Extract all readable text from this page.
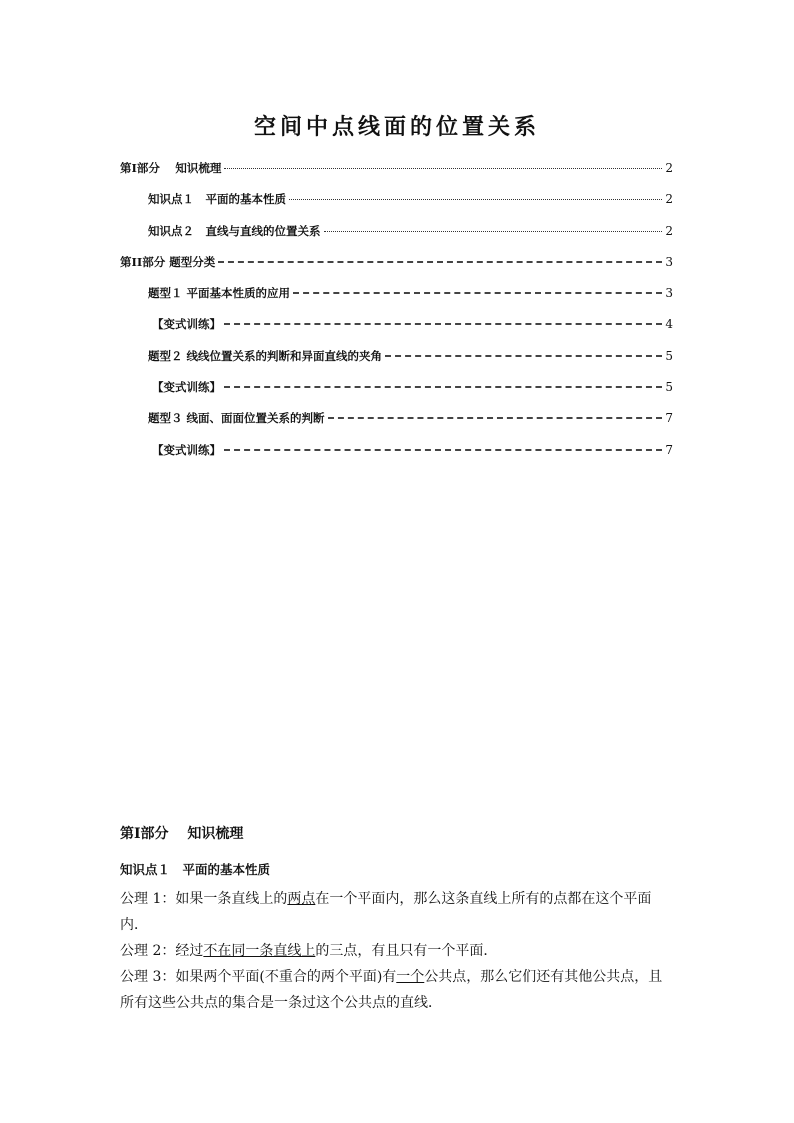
空间中点线面的位置关系
第Ⅰ部分　 知识梳理	2
知识点１　平面的基本性质	2
知识点２　直线与直线的位置关系	2
第II部分 题型分类	3
题型１ 平面基本性质的应用	3
【变式训练】	4
题型２ 线线位置关系的判断和异面直线的夹角	5
【变式训练】	5
题型３ 线面、面面位置关系的判断	7
【变式训练】	7
第Ⅰ部分　 知识梳理
知识点１　平面的基本性质

公理 1：如果一条直线上的两点在一个平面内，那么这条直线上所有的点都在这个平面内．

公理 2：经过不在同一条直线上的三点，有且只有一个平面．

公理 3：如果两个平面(不重合的两个平面)有一个公共点，那么它们还有其他公共点，且所有这些公共点的集合是一条过这个公共点的直线．
